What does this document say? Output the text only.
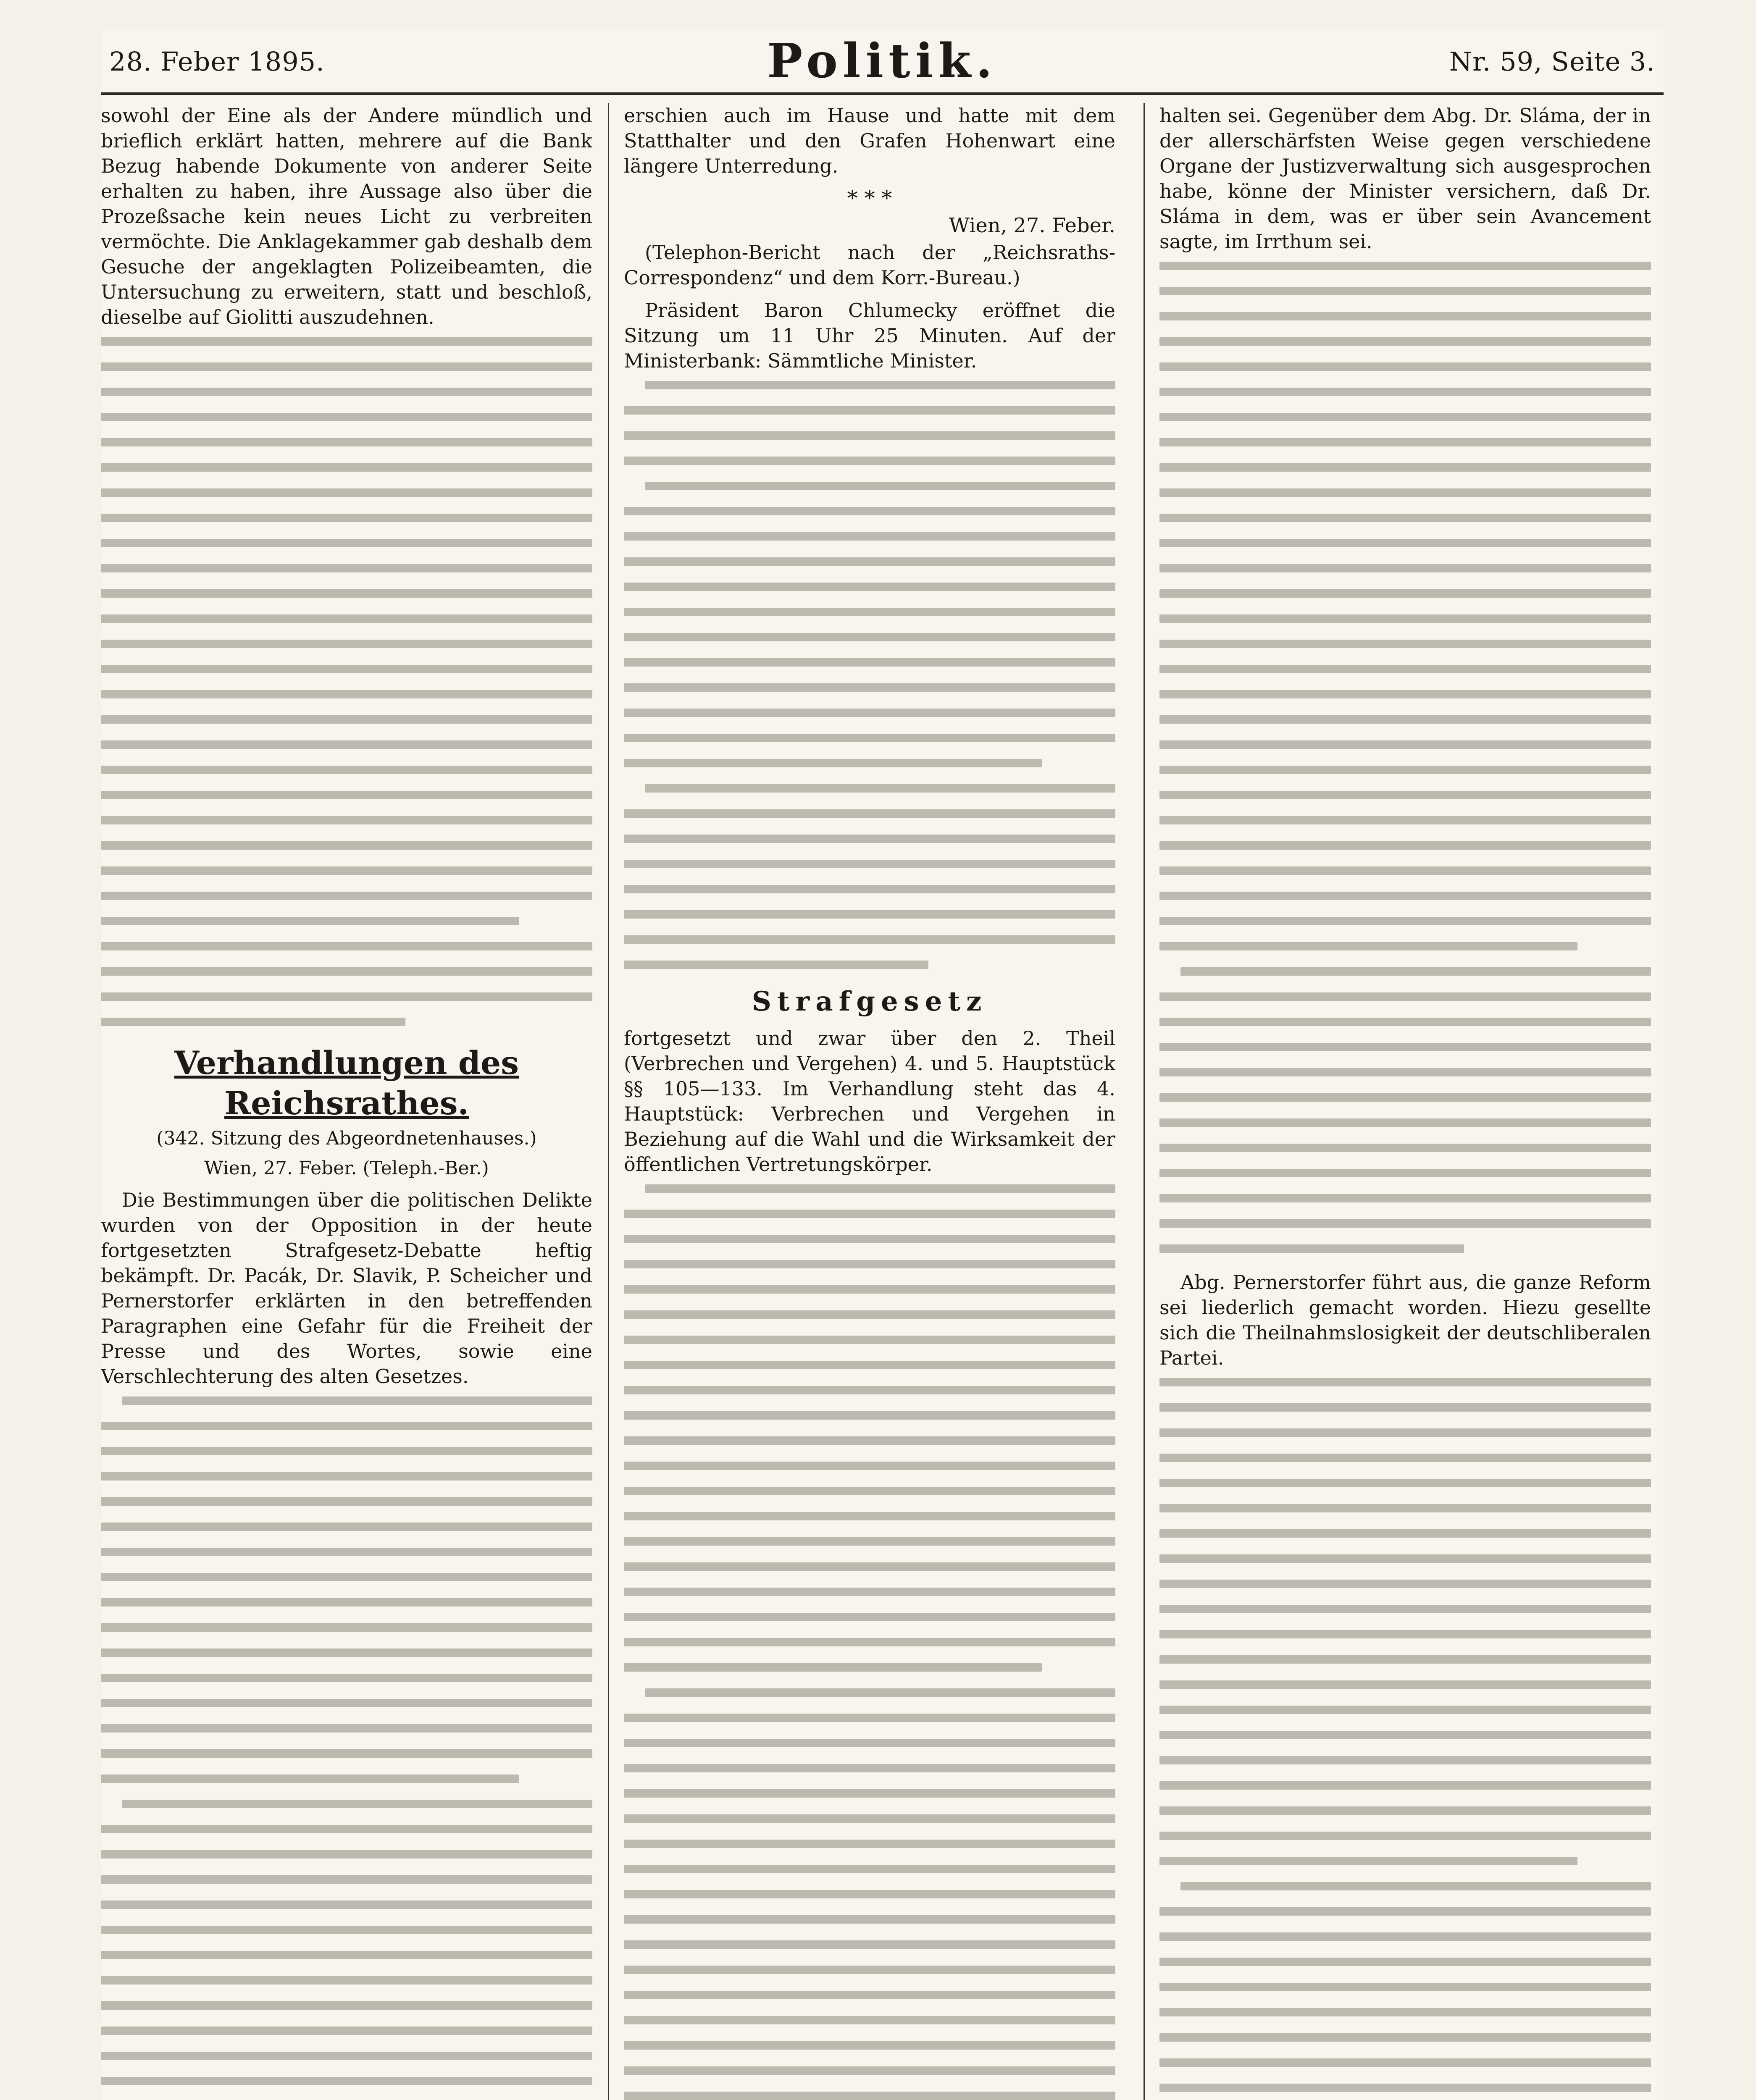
28. Feber 1895.	Politik.	Nr. 59, Seite 3.

sowohl der Eine als der Andere mündlich und brieflich erklärt hatten, mehrere auf die Bank Bezug habende Dokumente von anderer Seite erhalten zu haben, ihre Aussage also über die Prozeßsache kein neues Licht zu verbreiten vermöchte. Die Anklagekammer gab deshalb dem Gesuche der angeklagten Polizeibeamten, die Untersuchung zu erweitern, statt und beschloß, dieselbe auf Giolitti auszudehnen.

Verhandlungen des Reichsrathes.
(342. Sitzung des Abgeordnetenhauses.)
Wien, 27. Feber. (Teleph.-Ber.)

Die Bestimmungen über die politischen Delikte wurden von der Opposition in der heute fortgesetzten Strafgesetz-Debatte heftig bekämpft. Dr. Pacák, Dr. Slavik, P. Scheicher und Pernerstorfer erklärten in den betreffenden Paragraphen eine Gefahr für die Freiheit der Presse und des Wortes, sowie eine Verschlechterung des alten Gesetzes.

erschien auch im Hause und hatte mit dem Statthalter und den Grafen Hohenwart eine längere Unterredung.

* * *
Wien, 27. Feber.

(Telephon-Bericht nach der „Reichsraths-Correspondenz“ und dem Korr.-Bureau.)

Präsident Baron Chlumecky eröffnet die Sitzung um 11 Uhr 25 Minuten. Auf der Ministerbank: Sämmtliche Minister.

Strafgesetz

fortgesetzt und zwar über den 2. Theil (Verbrechen und Vergehen) 4. und 5. Hauptstück §§ 105—133. Im Verhandlung steht das 4. Hauptstück: Verbrechen und Vergehen in Beziehung auf die Wahl und die Wirksamkeit der öffentlichen Vertretungskörper.

halten sei. Gegenüber dem Abg. Dr. Sláma, der in der allerschärfsten Weise gegen verschiedene Organe der Justizverwaltung sich ausgesprochen habe, könne der Minister versichern, daß Dr. Sláma in dem, was er über sein Avancement sagte, im Irrthum sei.

Abg. Pernerstorfer führt aus, die ganze Reform sei liederlich gemacht worden. Hiezu gesellte sich die Theilnahmslosigkeit der deutschliberalen Partei.
